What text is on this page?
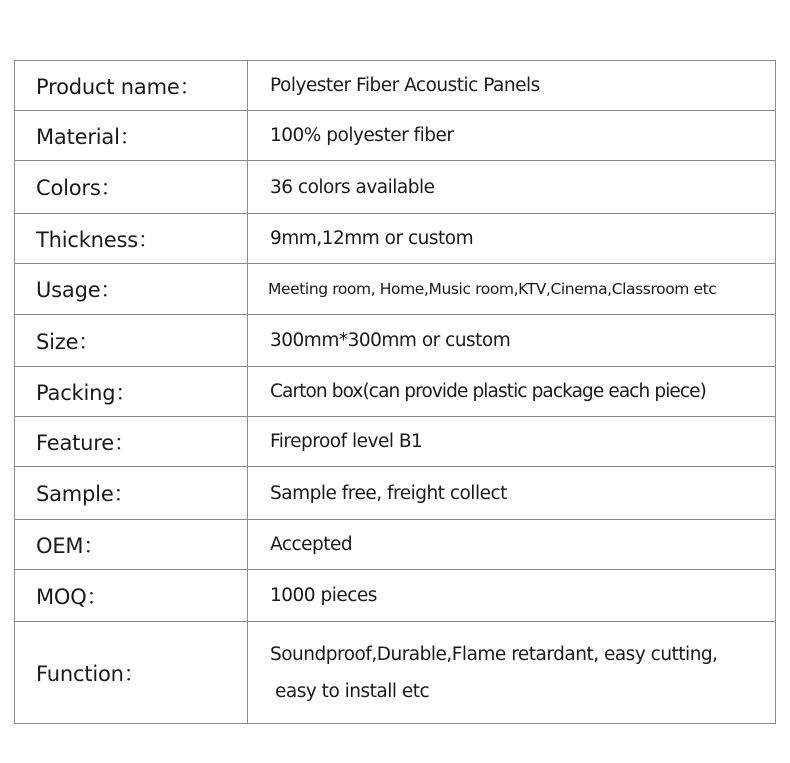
Product name：	Polyester Fiber Acoustic Panels
Material：	100% polyester fiber
Colors：	36 colors available
Thickness：	9mm,12mm or custom
Usage：	Meeting room, Home,Music room,KTV,Cinema,Classroom etc
Size：	300mm*300mm or custom
Packing：	Carton box(can provide plastic package each piece)
Feature：	Fireproof level B1
Sample：	Sample free, freight collect
OEM：	Accepted
MOQ：	1000 pieces
Function：	Soundproof,Durable,Flame retardant, easy cutting,
easy to install etc
